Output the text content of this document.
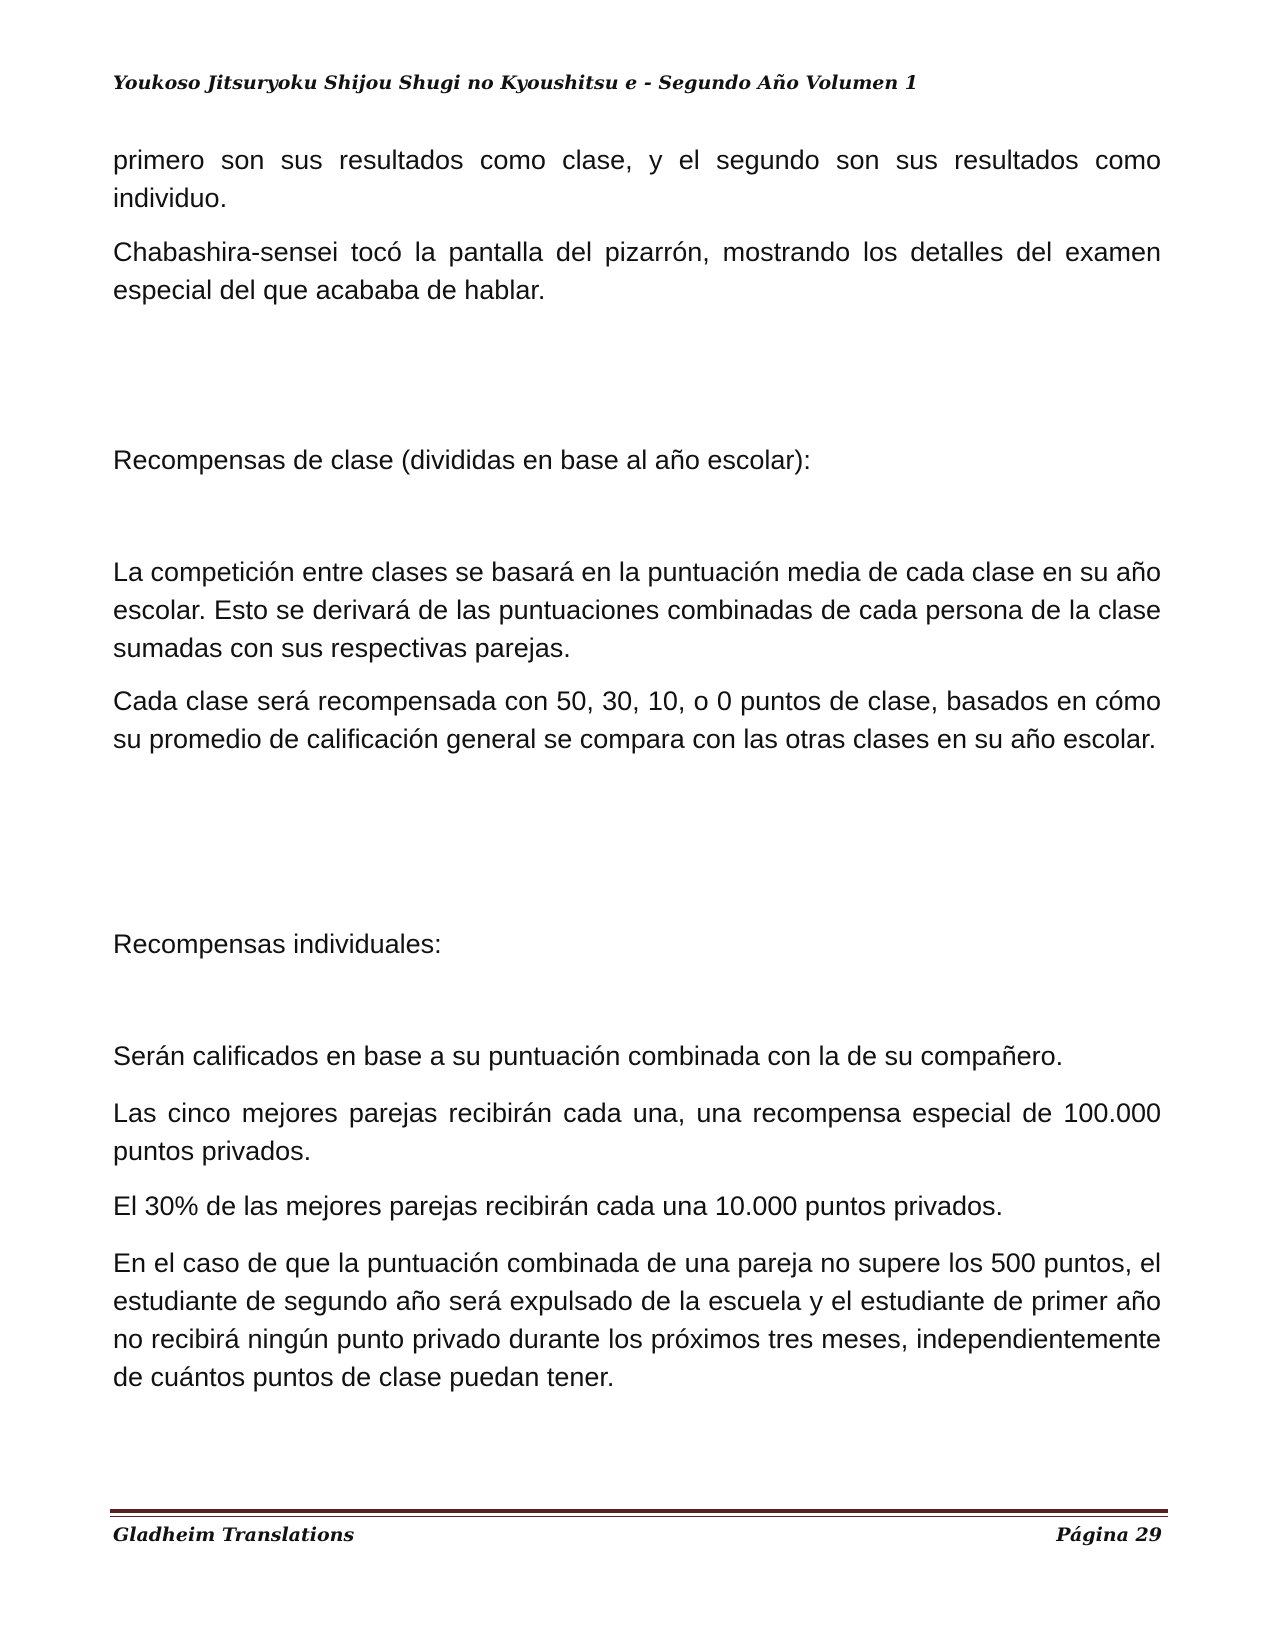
Youkoso Jitsuryoku Shijou Shugi no Kyoushitsu e - Segundo Año Volumen 1

primero son sus resultados como clase, y el segundo son sus resultados como individuo.

Chabashira-sensei tocó la pantalla del pizarrón, mostrando los detalles del examen especial del que acababa de hablar.

Recompensas de clase (divididas en base al año escolar):

La competición entre clases se basará en la puntuación media de cada clase en su año escolar. Esto se derivará de las puntuaciones combinadas de cada persona de la clase sumadas con sus respectivas parejas.

Cada clase será recompensada con 50, 30, 10, o 0 puntos de clase, basados en cómo su promedio de calificación general se compara con las otras clases en su año escolar.

Recompensas individuales:

Serán calificados en base a su puntuación combinada con la de su compañero.

Las cinco mejores parejas recibirán cada una, una recompensa especial de 100.000 puntos privados.

El 30% de las mejores parejas recibirán cada una 10.000 puntos privados.

En el caso de que la puntuación combinada de una pareja no supere los 500 puntos, el estudiante de segundo año será expulsado de la escuela y el estudiante de primer año no recibirá ningún punto privado durante los próximos tres meses, independientemente de cuántos puntos de clase puedan tener.

Gladheim Translations	Página 29
